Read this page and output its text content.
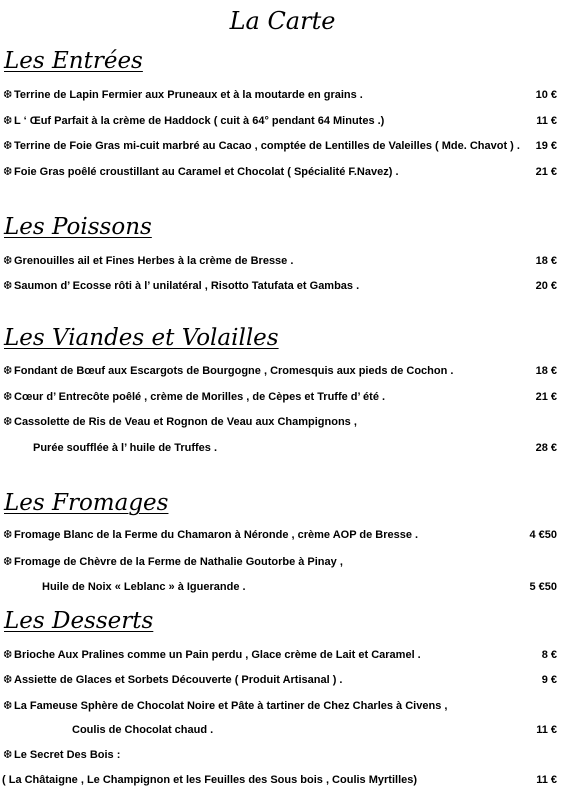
La Carte
Les Entrées
❆ Terrine de Lapin Fermier aux Pruneaux et à la moutarde en grains .	10 €
❆ L ‘ Œuf Parfait à la crème de Haddock ( cuit à 64° pendant 64 Minutes .)	11 €
❆ Terrine de Foie Gras mi-cuit marbré au Cacao , comptée de Lentilles de Valeilles ( Mde. Chavot ) . 19 €
❆ Foie Gras poêlé croustillant au Caramel et Chocolat ( Spécialité F.Navez) .	21 €
Les Poissons
❆ Grenouilles ail et Fines Herbes à la crème de Bresse .	18 €
❆ Saumon d’ Ecosse rôti à l’ unilatéral , Risotto Tatufata et Gambas .	20 €
Les Viandes et Volailles
❆ Fondant de Bœuf aux Escargots de Bourgogne , Cromesquis aux pieds de Cochon .	18 €
❆ Cœur d’ Entrecôte poêlé , crème de Morilles , de Cèpes et Truffe d’ été .	21 €
❆ Cassolette de Ris de Veau et Rognon de Veau aux Champignons ,
Purée soufflée à l’ huile de Truffes .	28 €
Les Fromages
❆ Fromage Blanc de la Ferme du Chamaron à Néronde , crème AOP de Bresse .	4 €50
❆ Fromage de Chèvre de la Ferme de Nathalie Goutorbe à Pinay ,
Huile de Noix « Leblanc » à Iguerande .	5 €50
Les Desserts
❆ Brioche Aux Pralines comme un Pain perdu , Glace crème de Lait et Caramel .	8 €
❆ Assiette de Glaces et Sorbets Découverte ( Produit Artisanal ) .	9 €
❆ La Fameuse Sphère de Chocolat Noire et Pâte à tartiner de Chez Charles à Civens ,
Coulis de Chocolat chaud .	11 €
❆ Le Secret Des Bois :
( La Châtaigne , Le Champignon et les Feuilles des Sous bois , Coulis Myrtilles)	11 €
